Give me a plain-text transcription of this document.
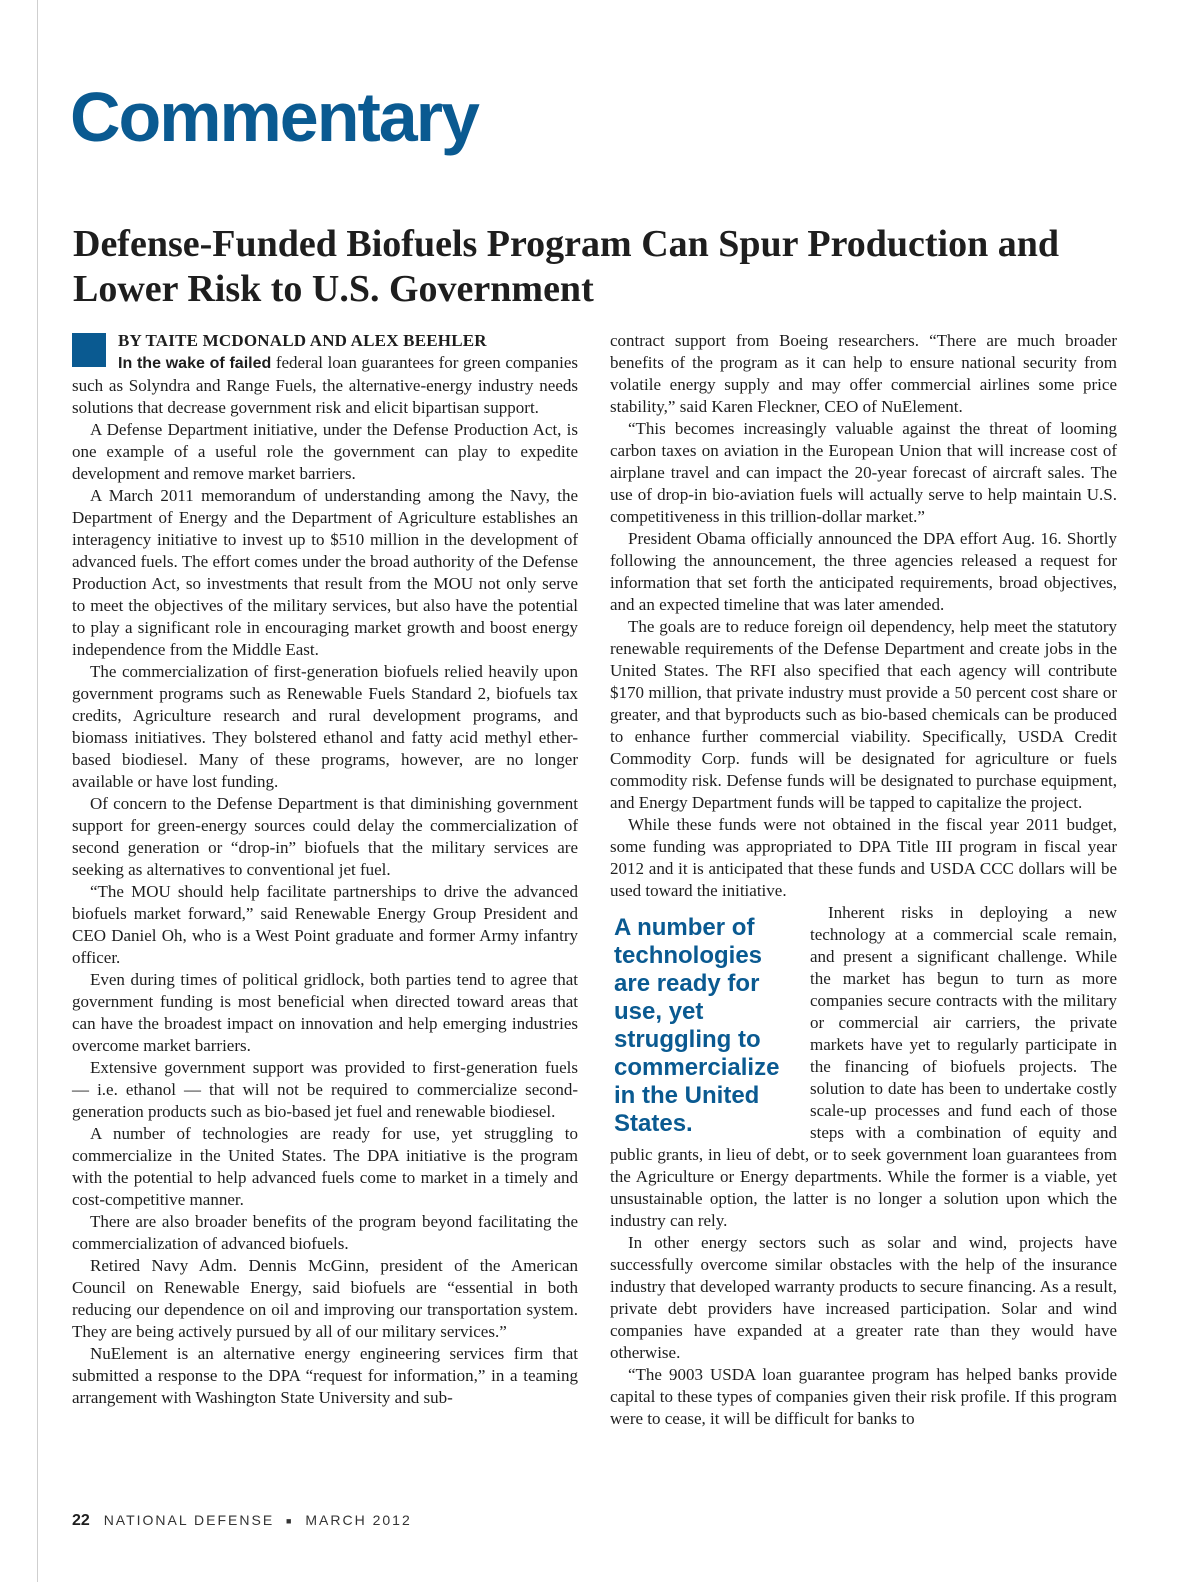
Commentary
Defense-Funded Biofuels Program Can Spur Production and Lower Risk to U.S. Government
BY TAITE MCDONALD AND ALEX BEEHLER

In the wake of failed federal loan guarantees for green companies such as Solyndra and Range Fuels, the alternative-energy industry needs solutions that decrease government risk and elicit bipartisan support.

A Defense Department initiative, under the Defense Production Act, is one example of a useful role the government can play to expedite development and remove market barriers.

A March 2011 memorandum of understanding among the Navy, the Department of Energy and the Department of Agriculture establishes an interagency initiative to invest up to $510 million in the development of advanced fuels. The effort comes under the broad authority of the Defense Production Act, so investments that result from the MOU not only serve to meet the objectives of the military services, but also have the potential to play a significant role in encouraging market growth and boost energy independence from the Middle East.

The commercialization of first-generation biofuels relied heavily upon government programs such as Renewable Fuels Standard 2, biofuels tax credits, Agriculture research and rural development programs, and biomass initiatives. They bolstered ethanol and fatty acid methyl ether-based biodiesel. Many of these programs, however, are no longer available or have lost funding.

Of concern to the Defense Department is that diminishing government support for green-energy sources could delay the commercialization of second generation or “drop-in” biofuels that the military services are seeking as alternatives to conventional jet fuel.

“The MOU should help facilitate partnerships to drive the advanced biofuels market forward,” said Renewable Energy Group President and CEO Daniel Oh, who is a West Point graduate and former Army infantry officer.

Even during times of political gridlock, both parties tend to agree that government funding is most beneficial when directed toward areas that can have the broadest impact on innovation and help emerging industries overcome market barriers.

Extensive government support was provided to first-generation fuels — i.e. ethanol — that will not be required to commercialize second-generation products such as bio-based jet fuel and renewable biodiesel.

A number of technologies are ready for use, yet struggling to commercialize in the United States. The DPA initiative is the program with the potential to help advanced fuels come to market in a timely and cost-competitive manner.

There are also broader benefits of the program beyond facilitating the commercialization of advanced biofuels.

Retired Navy Adm. Dennis McGinn, president of the American Council on Renewable Energy, said biofuels are “essential in both reducing our dependence on oil and improving our transportation system. They are being actively pursued by all of our military services.”

NuElement is an alternative energy engineering services firm that submitted a response to the DPA “request for information,” in a teaming arrangement with Washington State University and sub-

contract support from Boeing researchers. “There are much broader benefits of the program as it can help to ensure national security from volatile energy supply and may offer commercial airlines some price stability,” said Karen Fleckner, CEO of NuElement.

“This becomes increasingly valuable against the threat of looming carbon taxes on aviation in the European Union that will increase cost of airplane travel and can impact the 20-year forecast of aircraft sales. The use of drop-in bio-aviation fuels will actually serve to help maintain U.S. competitiveness in this trillion-dollar market.”

President Obama officially announced the DPA effort Aug. 16. Shortly following the announcement, the three agencies released a request for information that set forth the anticipated requirements, broad objectives, and an expected timeline that was later amended.

The goals are to reduce foreign oil dependency, help meet the statutory renewable requirements of the Defense Department and create jobs in the United States. The RFI also specified that each agency will contribute $170 million, that private industry must provide a 50 percent cost share or greater, and that byproducts such as bio-based chemicals can be produced to enhance further commercial viability. Specifically, USDA Credit Commodity Corp. funds will be designated for agriculture or fuels commodity risk. Defense funds will be designated to purchase equipment, and Energy Department funds will be tapped to capitalize the project.

While these funds were not obtained in the fiscal year 2011 budget, some funding was appropriated to DPA Title III program in fiscal year 2012 and it is anticipated that these funds and USDA CCC dollars will be used toward the initiative.

A number of technologies are ready for use, yet struggling to commercialize in the United States.

Inherent risks in deploying a new technology at a commercial scale remain, and present a significant challenge. While the market has begun to turn as more companies secure contracts with the military or commercial air carriers, the private markets have yet to regularly participate in the financing of biofuels projects. The solution to date has been to undertake costly scale-up processes and fund each of those steps with a combination of equity and public grants, in lieu of debt, or to seek government loan guarantees from the Agriculture or Energy departments. While the former is a viable, yet unsustainable option, the latter is no longer a solution upon which the industry can rely.

In other energy sectors such as solar and wind, projects have successfully overcome similar obstacles with the help of the insurance industry that developed warranty products to secure financing. As a result, private debt providers have increased participation. Solar and wind companies have expanded at a greater rate than they would have otherwise.

“The 9003 USDA loan guarantee program has helped banks provide capital to these types of companies given their risk profile. If this program were to cease, it will be difficult for banks to

22 NATIONAL DEFENSE ■ MARCH 2012
